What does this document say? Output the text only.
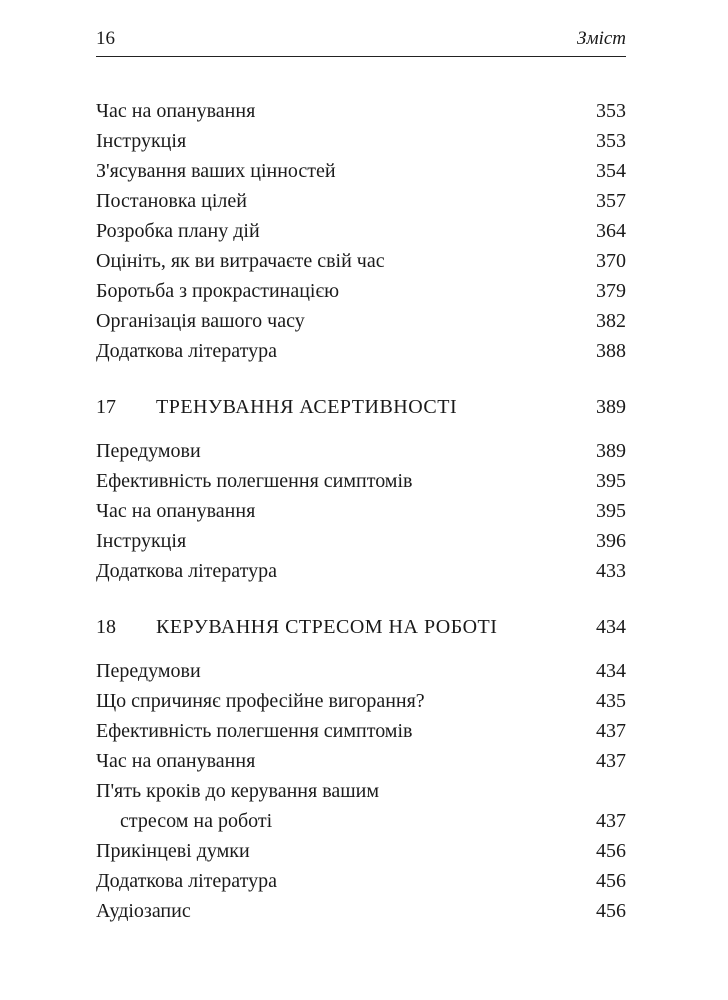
16	Зміст
Час на опанування	353
Інструкція	353
З'ясування ваших цінностей	354
Постановка цілей	357
Розробка плану дій	364
Оцініть, як ви витрачаєте свій час	370
Боротьба з прокрастинацією	379
Організація вашого часу	382
Додаткова література	388
17 ТРЕНУВАННЯ АСЕРТИВНОСТІ	389
Передумови	389
Ефективність полегшення симптомів	395
Час на опанування	395
Інструкція	396
Додаткова література	433
18 КЕРУВАННЯ СТРЕСОМ НА РОБОТІ	434
Передумови	434
Що спричиняє професійне вигорання?	435
Ефективність полегшення симптомів	437
Час на опанування	437
П'ять кроків до керування вашим
стресом на роботі	437
Прикінцеві думки	456
Додаткова література	456
Аудіозапис	456
